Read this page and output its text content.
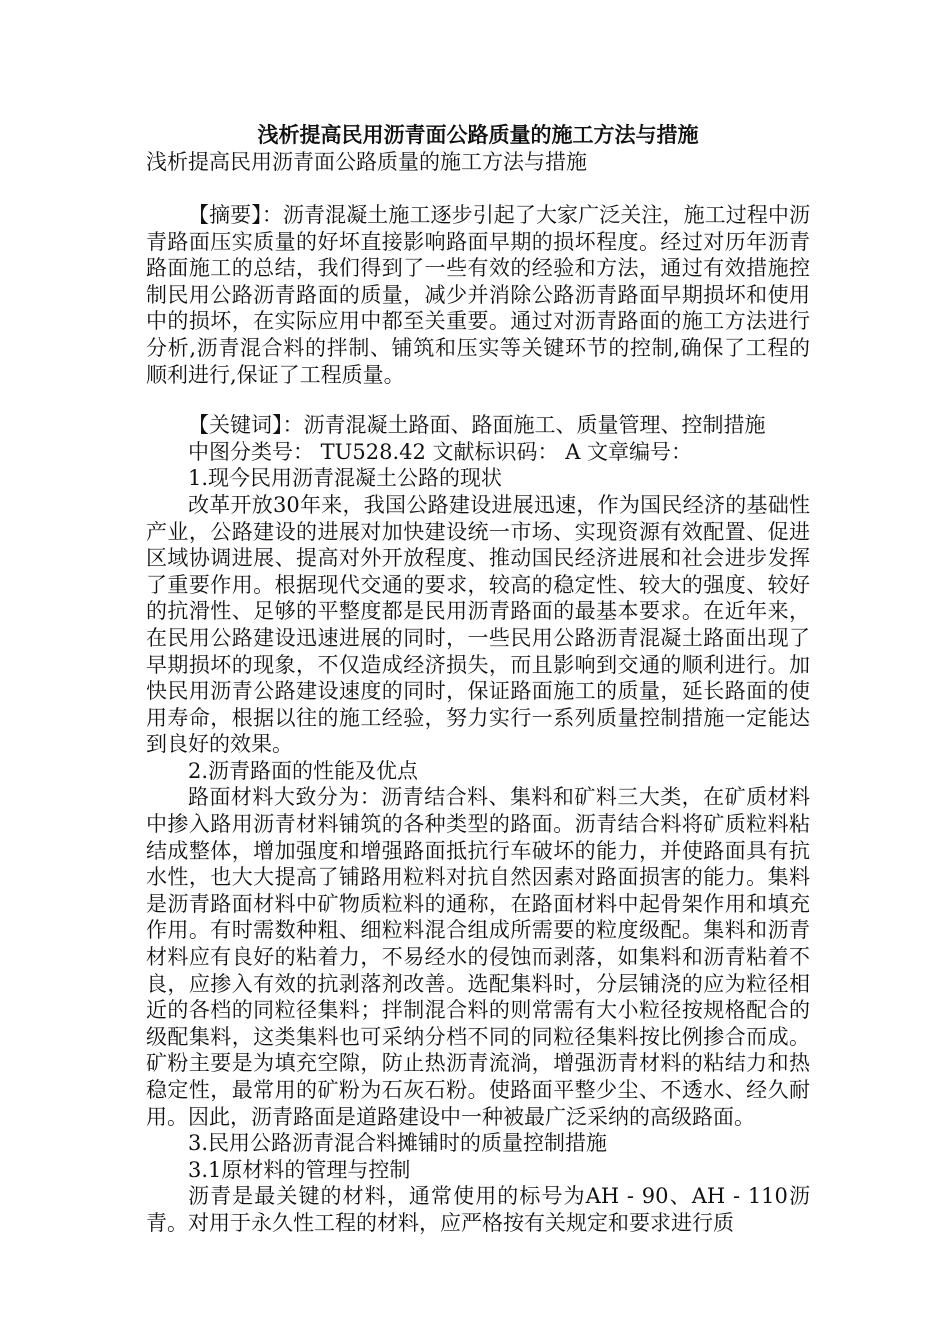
浅析提高民用沥青面公路质量的施工方法与措施
浅析提高民用沥青面公路质量的施工方法与措施

【摘要】：沥青混凝土施工逐步引起了大家广泛关注，施工过程中沥青路面压实质量的好坏直接影响路面早期的损坏程度。经过对历年沥青路面施工的总结，我们得到了一些有效的经验和方法，通过有效措施控制民用公路沥青路面的质量，减少并消除公路沥青路面早期损坏和使用中的损坏，在实际应用中都至关重要。通过对沥青路面的施工方法进行分析,沥青混合料的拌制、铺筑和压实等关键环节的控制,确保了工程的顺利进行,保证了工程质量。

【关键词】：沥青混凝土路面、路面施工、质量管理、控制措施

中图分类号： TU528.42 文献标识码： A 文章编号：

1.现今民用沥青混凝土公路的现状

改革开放30年来，我国公路建设进展迅速，作为国民经济的基础性产业，公路建设的进展对加快建设统一市场、实现资源有效配置、促进区域协调进展、提高对外开放程度、推动国民经济进展和社会进步发挥了重要作用。根据现代交通的要求，较高的稳定性、较大的强度、较好的抗滑性、足够的平整度都是民用沥青路面的最基本要求。在近年来，在民用公路建设迅速进展的同时，一些民用公路沥青混凝土路面出现了早期损坏的现象，不仅造成经济损失，而且影响到交通的顺利进行。加快民用沥青公路建设速度的同时，保证路面施工的质量，延长路面的使用寿命，根据以往的施工经验，努力实行一系列质量控制措施一定能达到良好的效果。

2.沥青路面的性能及优点

路面材料大致分为：沥青结合料、集料和矿料三大类，在矿质材料中掺入路用沥青材料铺筑的各种类型的路面。沥青结合料将矿质粒料粘结成整体，增加强度和增强路面抵抗行车破坏的能力，并使路面具有抗水性，也大大提高了铺路用粒料对抗自然因素对路面损害的能力。集料是沥青路面材料中矿物质粒料的通称，在路面材料中起骨架作用和填充作用。有时需数种粗、细粒料混合组成所需要的粒度级配。集料和沥青材料应有良好的粘着力，不易经水的侵蚀而剥落，如集料和沥青粘着不良，应掺入有效的抗剥落剂改善。选配集料时，分层铺浇的应为粒径相近的各档的同粒径集料；拌制混合料的则常需有大小粒径按规格配合的级配集料，这类集料也可采纳分档不同的同粒径集料按比例掺合而成。矿粉主要是为填充空隙，防止热沥青流淌，增强沥青材料的粘结力和热稳定性，最常用的矿粉为石灰石粉。使路面平整少尘、不透水、经久耐用。因此，沥青路面是道路建设中一种被最广泛采纳的高级路面。

3.民用公路沥青混合料摊铺时的质量控制措施

3.1原材料的管理与控制

沥青是最关键的材料，通常使用的标号为AH - 90、AH - 110沥青。对用于永久性工程的材料，应严格按有关规定和要求进行质
